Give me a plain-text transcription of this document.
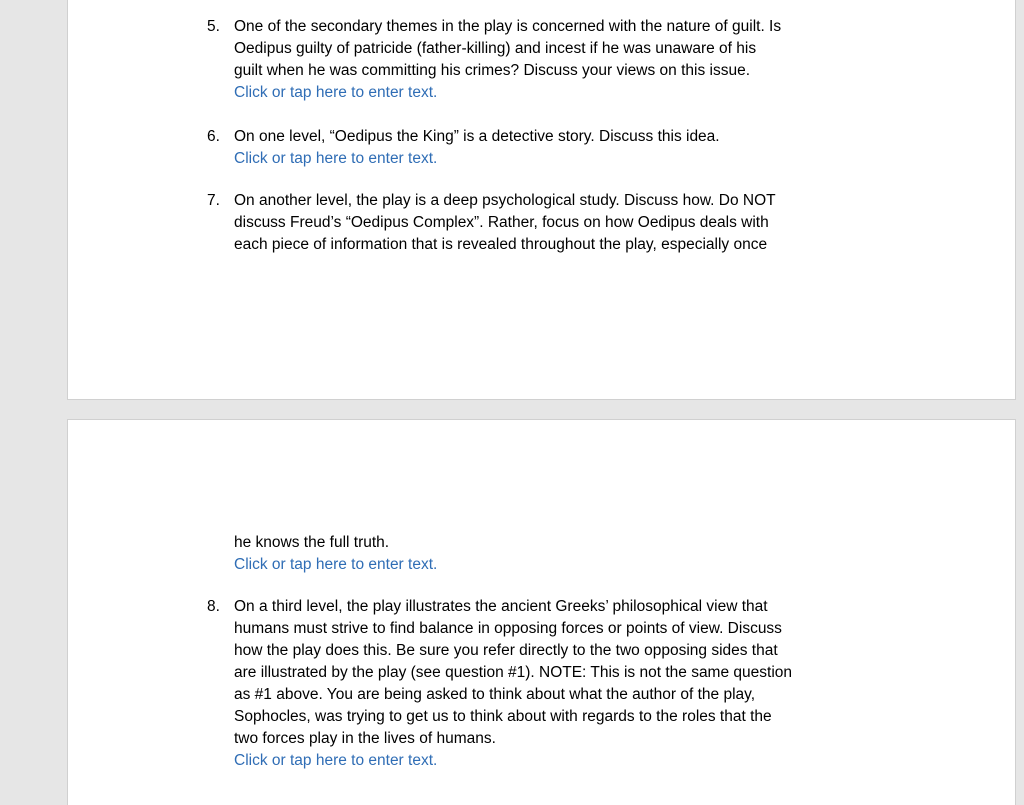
5. One of the secondary themes in the play is concerned with the nature of guilt. Is
Oedipus guilty of patricide (father-killing) and incest if he was unaware of his
guilt when he was committing his crimes? Discuss your views on this issue.
Click or tap here to enter text.
6. On one level, “Oedipus the King” is a detective story. Discuss this idea.
Click or tap here to enter text.
7. On another level, the play is a deep psychological study. Discuss how. Do NOT
discuss Freud’s “Oedipus Complex”. Rather, focus on how Oedipus deals with
each piece of information that is revealed throughout the play, especially once
he knows the full truth.
Click or tap here to enter text.
8. On a third level, the play illustrates the ancient Greeks’ philosophical view that
humans must strive to find balance in opposing forces or points of view. Discuss
how the play does this. Be sure you refer directly to the two opposing sides that
are illustrated by the play (see question #1). NOTE: This is not the same question
as #1 above. You are being asked to think about what the author of the play,
Sophocles, was trying to get us to think about with regards to the roles that the
two forces play in the lives of humans.
Click or tap here to enter text.
